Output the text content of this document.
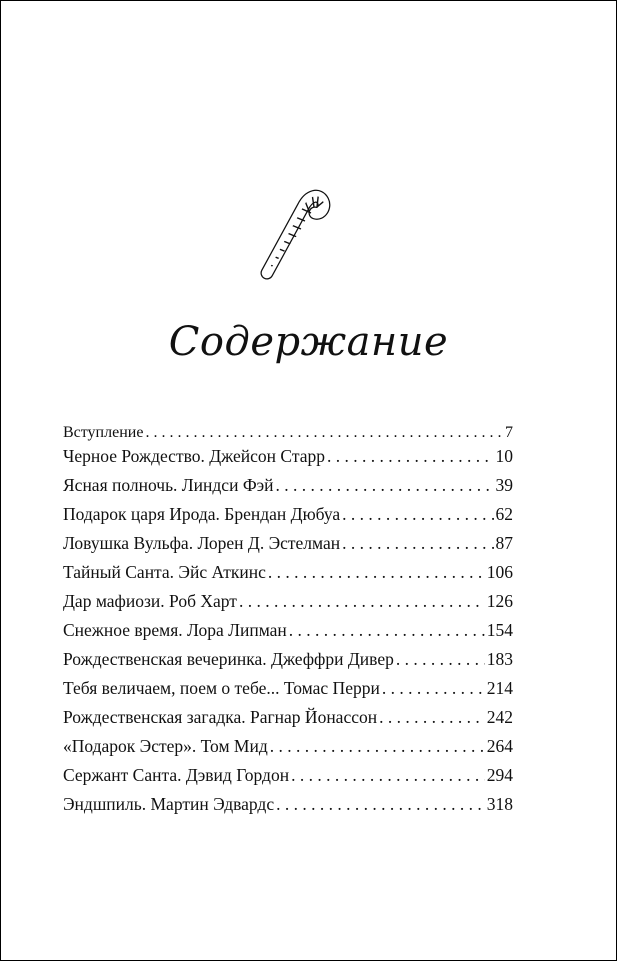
Содержание
Вступление . . .	7
Черное Рождество. Джейсон Старр . . .	10
Ясная полночь. Линдси Фэй . . .	39
Подарок царя Ирода. Брендан Дюбуа . . .	62
Ловушка Вульфа. Лорен Д. Эстелман . . .	87
Тайный Санта. Эйс Аткинс . . .	106
Дар мафиози. Роб Харт . . .	126
Снежное время. Лора Липман . . .	154
Рождественская вечеринка. Джеффри Дивер . . .	183
Тебя величаем, поем о тебе... Томас Перри . . .	214
Рождественская загадка. Рагнар Йонассон . . .	242
«Подарок Эстер». Том Мид . . .	264
Сержант Санта. Дэвид Гордон . . .	294
Эндшпиль. Мартин Эдвардс . . .	318
